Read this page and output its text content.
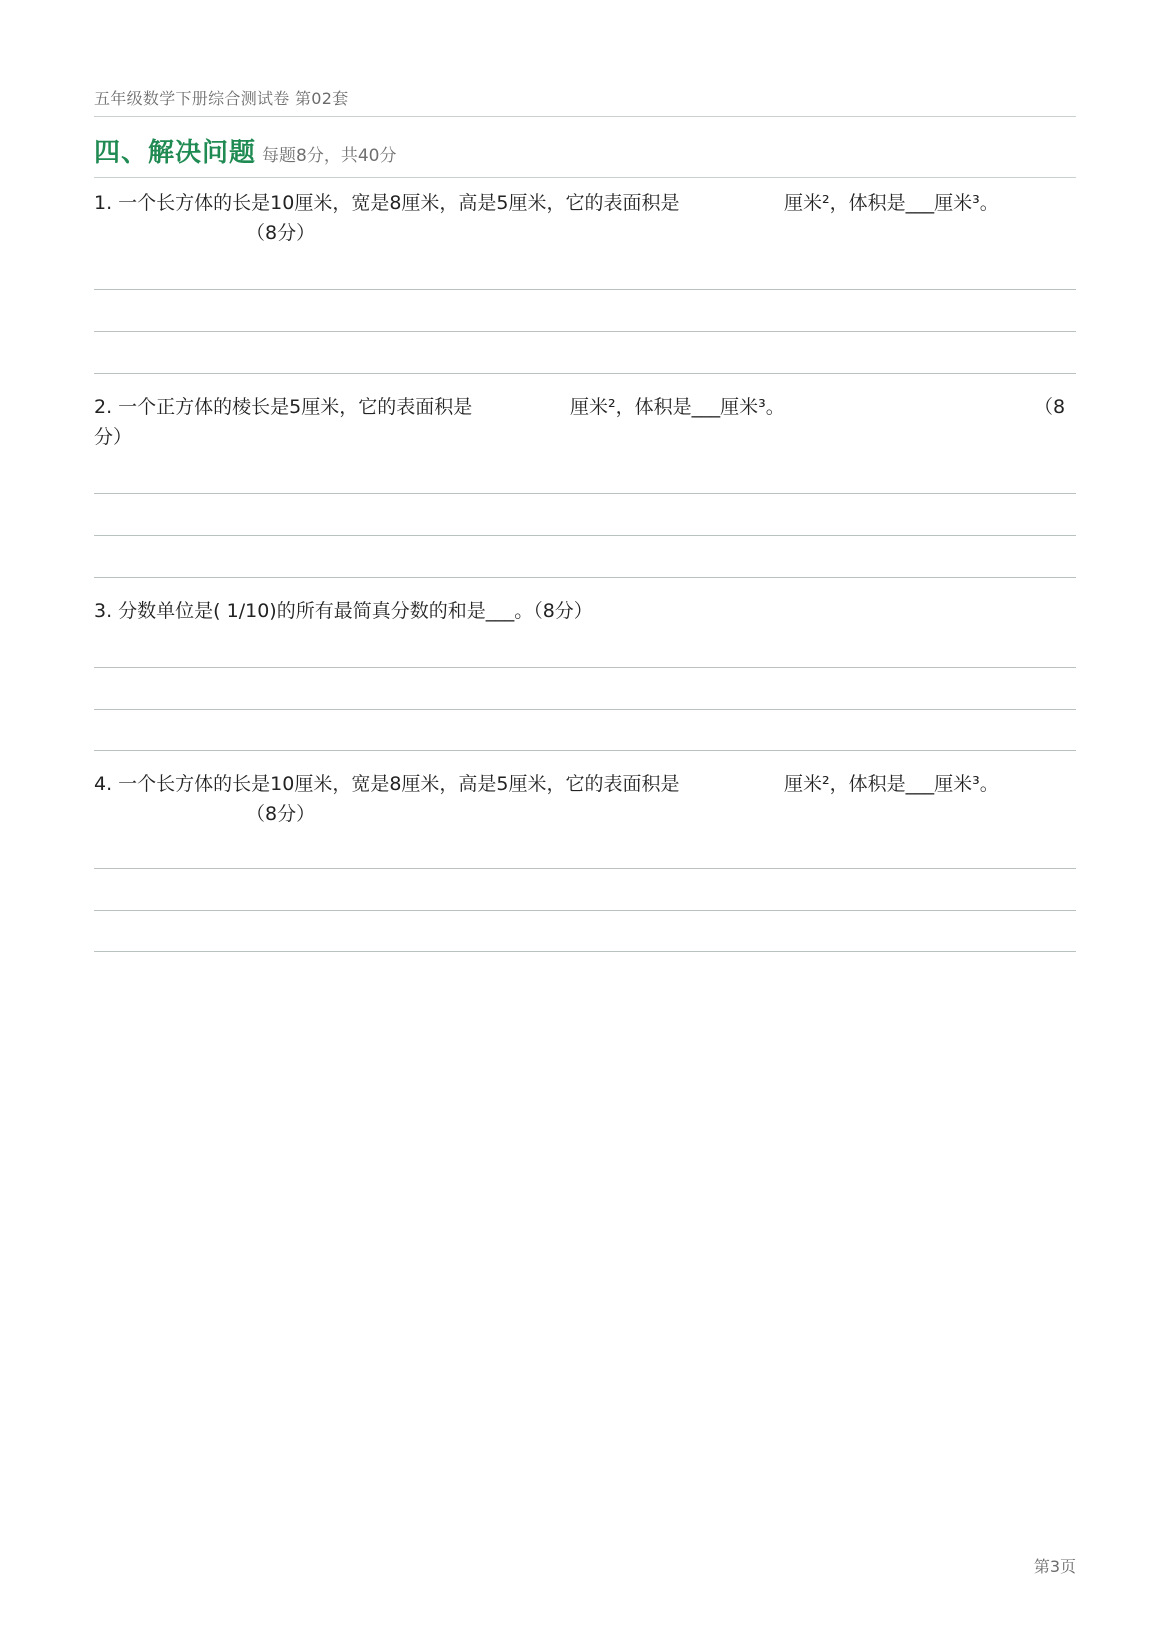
五年级数学下册综合测试卷 第02套
四、解决问题 每题8分，共40分
1. 一个长方体的长是10厘米，宽是8厘米，高是5厘米，它的表面积是	厘米²，体积是___厘米³。
（8分）
2. 一个正方体的棱长是5厘米，它的表面积是	厘米²，体积是___厘米³。	（8
分）
3. 分数单位是( 1/10)的所有最简真分数的和是___。（8分）
4. 一个长方体的长是10厘米，宽是8厘米，高是5厘米，它的表面积是	厘米²，体积是___厘米³。
（8分）
第3页
